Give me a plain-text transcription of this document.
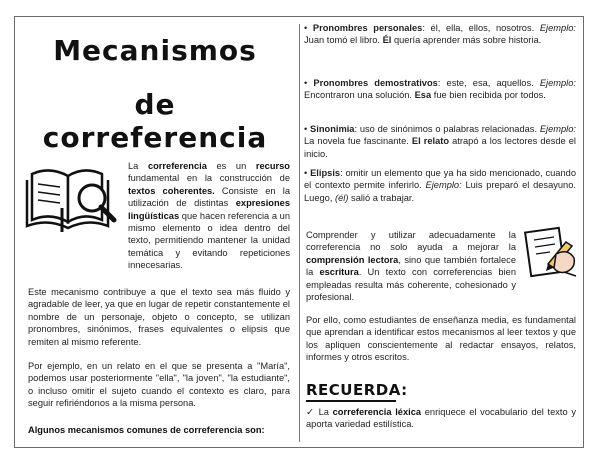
Mecanismos
de correferencia
La correferencia es un recurso fundamental en la construcción de textos coherentes. Consiste en la utilización de distintas expresiones lingüísticas que hacen referencia a un mismo elemento o idea dentro del texto, permitiendo mantener la unidad temática y evitando repeticiones innecesarias.
Este mecanismo contribuye a que el texto sea más fluido y agradable de leer, ya que en lugar de repetir constantemente el nombre de un personaje, objeto o concepto, se utilizan pronombres, sinónimos, frases equivalentes o elipsis que remiten al mismo referente.
Por ejemplo, en un relato en el que se presenta a "María", podemos usar posteriormente "ella", "la joven", "la estudiante", o incluso omitir el sujeto cuando el contexto es claro, para seguir refiriéndonos a la misma persona.
Algunos mecanismos comunes de correferencia son:
• Pronombres personales: él, ella, ellos, nosotros. Ejemplo: Juan tomó el libro. Él quería aprender más sobre historia.
• Pronombres demostrativos: este, esa, aquellos. Ejemplo: Encontraron una solución. Esa fue bien recibida por todos.
• Sinonimia: uso de sinónimos o palabras relacionadas. Ejemplo: La novela fue fascinante. El relato atrapó a los lectores desde el inicio.
• Elipsis: omitir un elemento que ya ha sido mencionado, cuando el contexto permite inferirlo. Ejemplo: Luis preparó el desayuno. Luego, (él) salió a trabajar.
Comprender y utilizar adecuadamente la correferencia no solo ayuda a mejorar la comprensión lectora, sino que también fortalece la escritura. Un texto con correferencias bien empleadas resulta más coherente, cohesionado y profesional.
Por ello, como estudiantes de enseñanza media, es fundamental que aprendan a identificar estos mecanismos al leer textos y que los apliquen conscientemente al redactar ensayos, relatos, informes y otros escritos.
RECUERDA:
✓ La correferencia léxica enriquece el vocabulario del texto y aporta variedad estilística.
